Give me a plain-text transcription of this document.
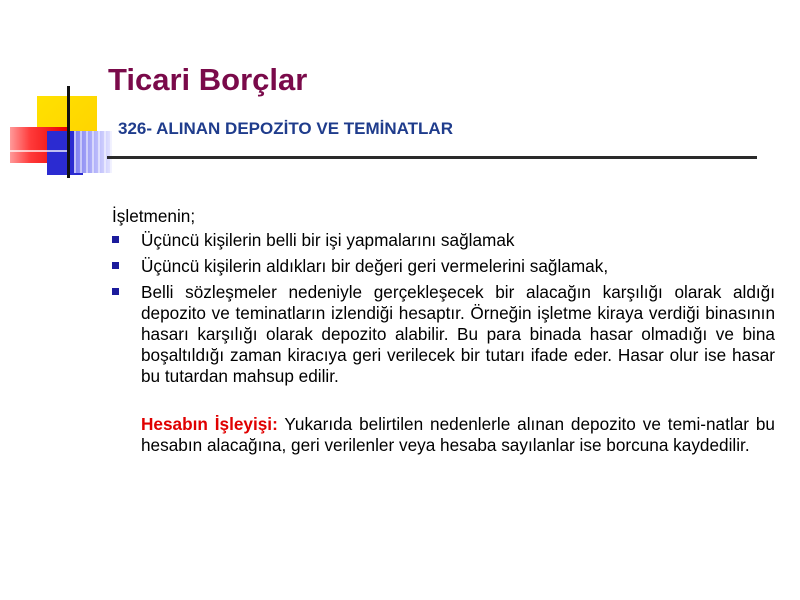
Ticari Borçlar
326- ALINAN DEPOZİTO VE TEMİNATLAR

İşletmenin;

Üçüncü kişilerin belli bir işi yapmalarını sağlamak
Üçüncü kişilerin aldıkları bir değeri geri vermelerini sağlamak,
Belli sözleşmeler nedeniyle gerçekleşecek bir alacağın karşılığı olarak aldığı depozito ve teminatların izlendiği hesaptır. Örneğin işletme kiraya verdiği binasının hasarı karşılığı olarak depozito alabilir. Bu para binada hasar olmadığı ve bina boşaltıldığı zaman kiracıya geri verilecek bir tutarı ifade eder. Hasar olur ise hasar bu tutardan mahsup edilir.

Hesabın İşleyişi: Yukarıda belirtilen nedenlerle alınan depozito ve temi-natlar bu hesabın alacağına, geri verilenler veya hesaba sayılanlar ise borcuna kaydedilir.
